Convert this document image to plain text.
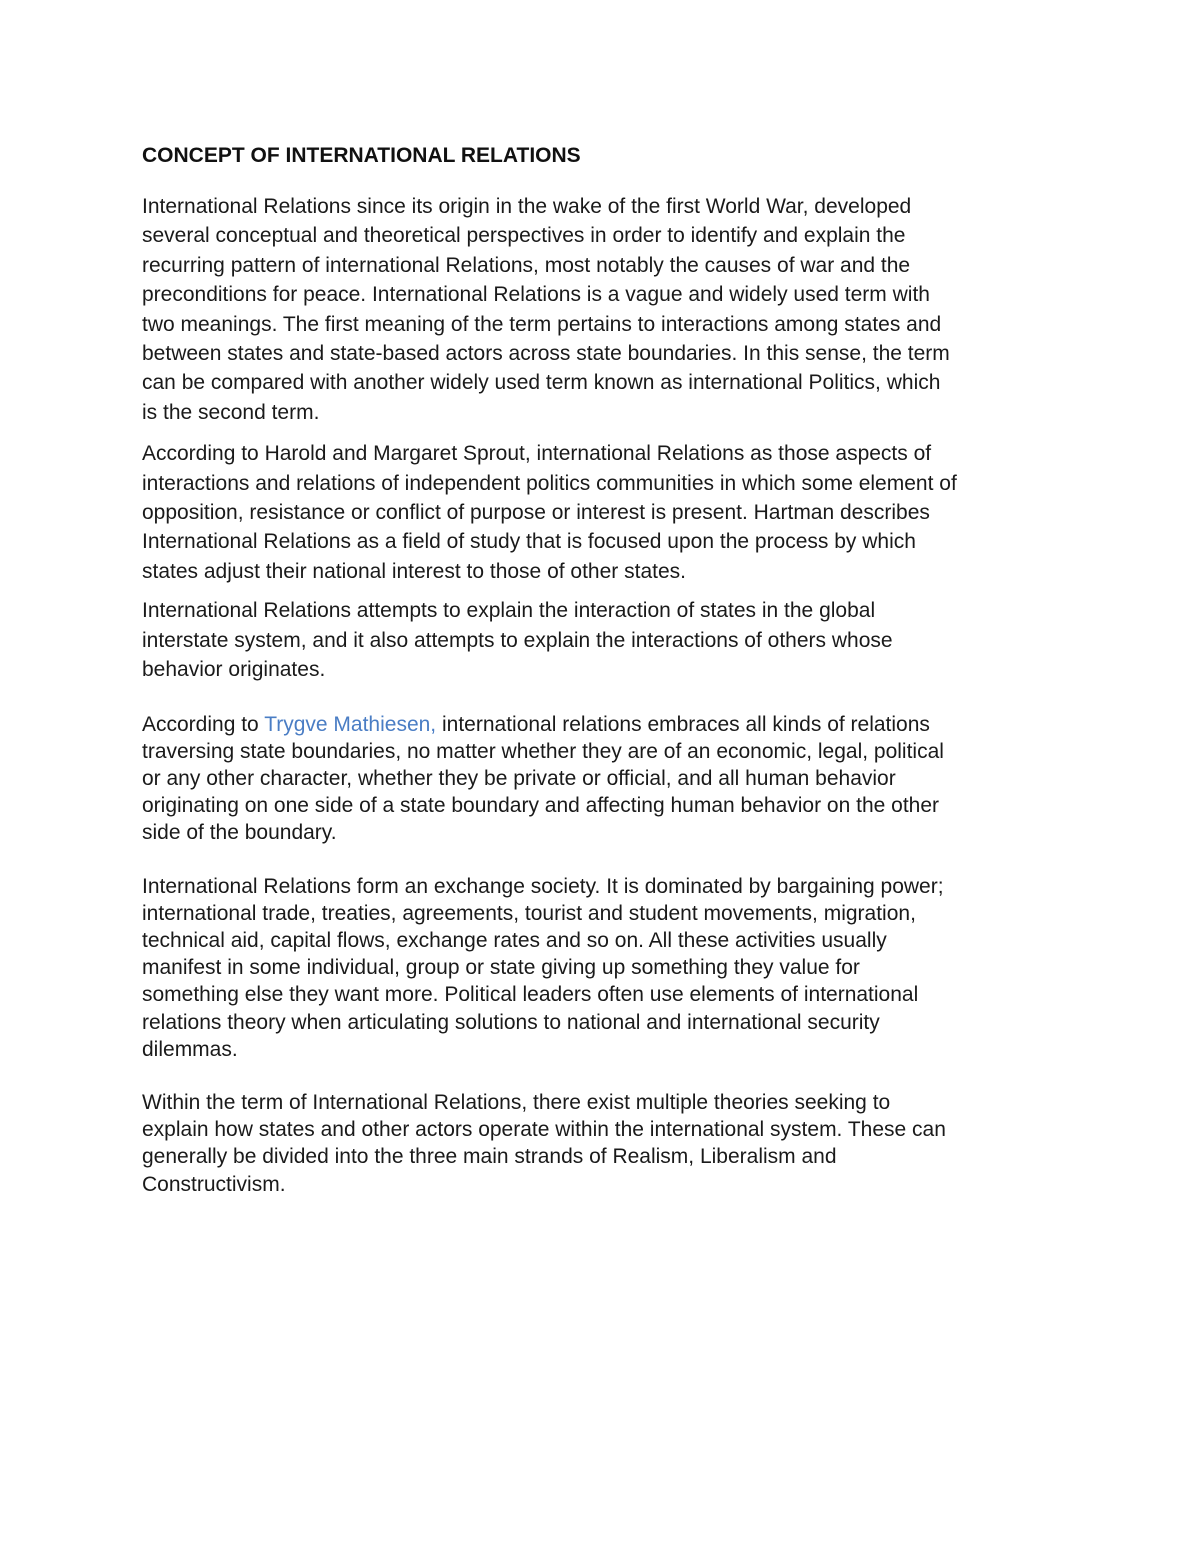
CONCEPT OF INTERNATIONAL RELATIONS

International Relations since its origin in the wake of the first World War, developed
several conceptual and theoretical perspectives in order to identify and explain the
recurring pattern of international Relations, most notably the causes of war and the
preconditions for peace. International Relations is a vague and widely used term with
two meanings. The first meaning of the term pertains to interactions among states and
between states and state-based actors across state boundaries. In this sense, the term
can be compared with another widely used term known as international Politics, which
is the second term.

According to Harold and Margaret Sprout, international Relations as those aspects of
interactions and relations of independent politics communities in which some element of
opposition, resistance or conflict of purpose or interest is present. Hartman describes
International Relations as a field of study that is focused upon the process by which
states adjust their national interest to those of other states.

International Relations attempts to explain the interaction of states in the global
interstate system, and it also attempts to explain the interactions of others whose
behavior originates.

According to Trygve Mathiesen, international relations embraces all kinds of relations
traversing state boundaries, no matter whether they are of an economic, legal, political
or any other character, whether they be private or official, and all human behavior
originating on one side of a state boundary and affecting human behavior on the other
side of the boundary.

International Relations form an exchange society. It is dominated by bargaining power;
international trade, treaties, agreements, tourist and student movements, migration,
technical aid, capital flows, exchange rates and so on. All these activities usually
manifest in some individual, group or state giving up something they value for
something else they want more. Political leaders often use elements of international
relations theory when articulating solutions to national and international security
dilemmas.

Within the term of International Relations, there exist multiple theories seeking to
explain how states and other actors operate within the international system. These can
generally be divided into the three main strands of Realism, Liberalism and
Constructivism.
